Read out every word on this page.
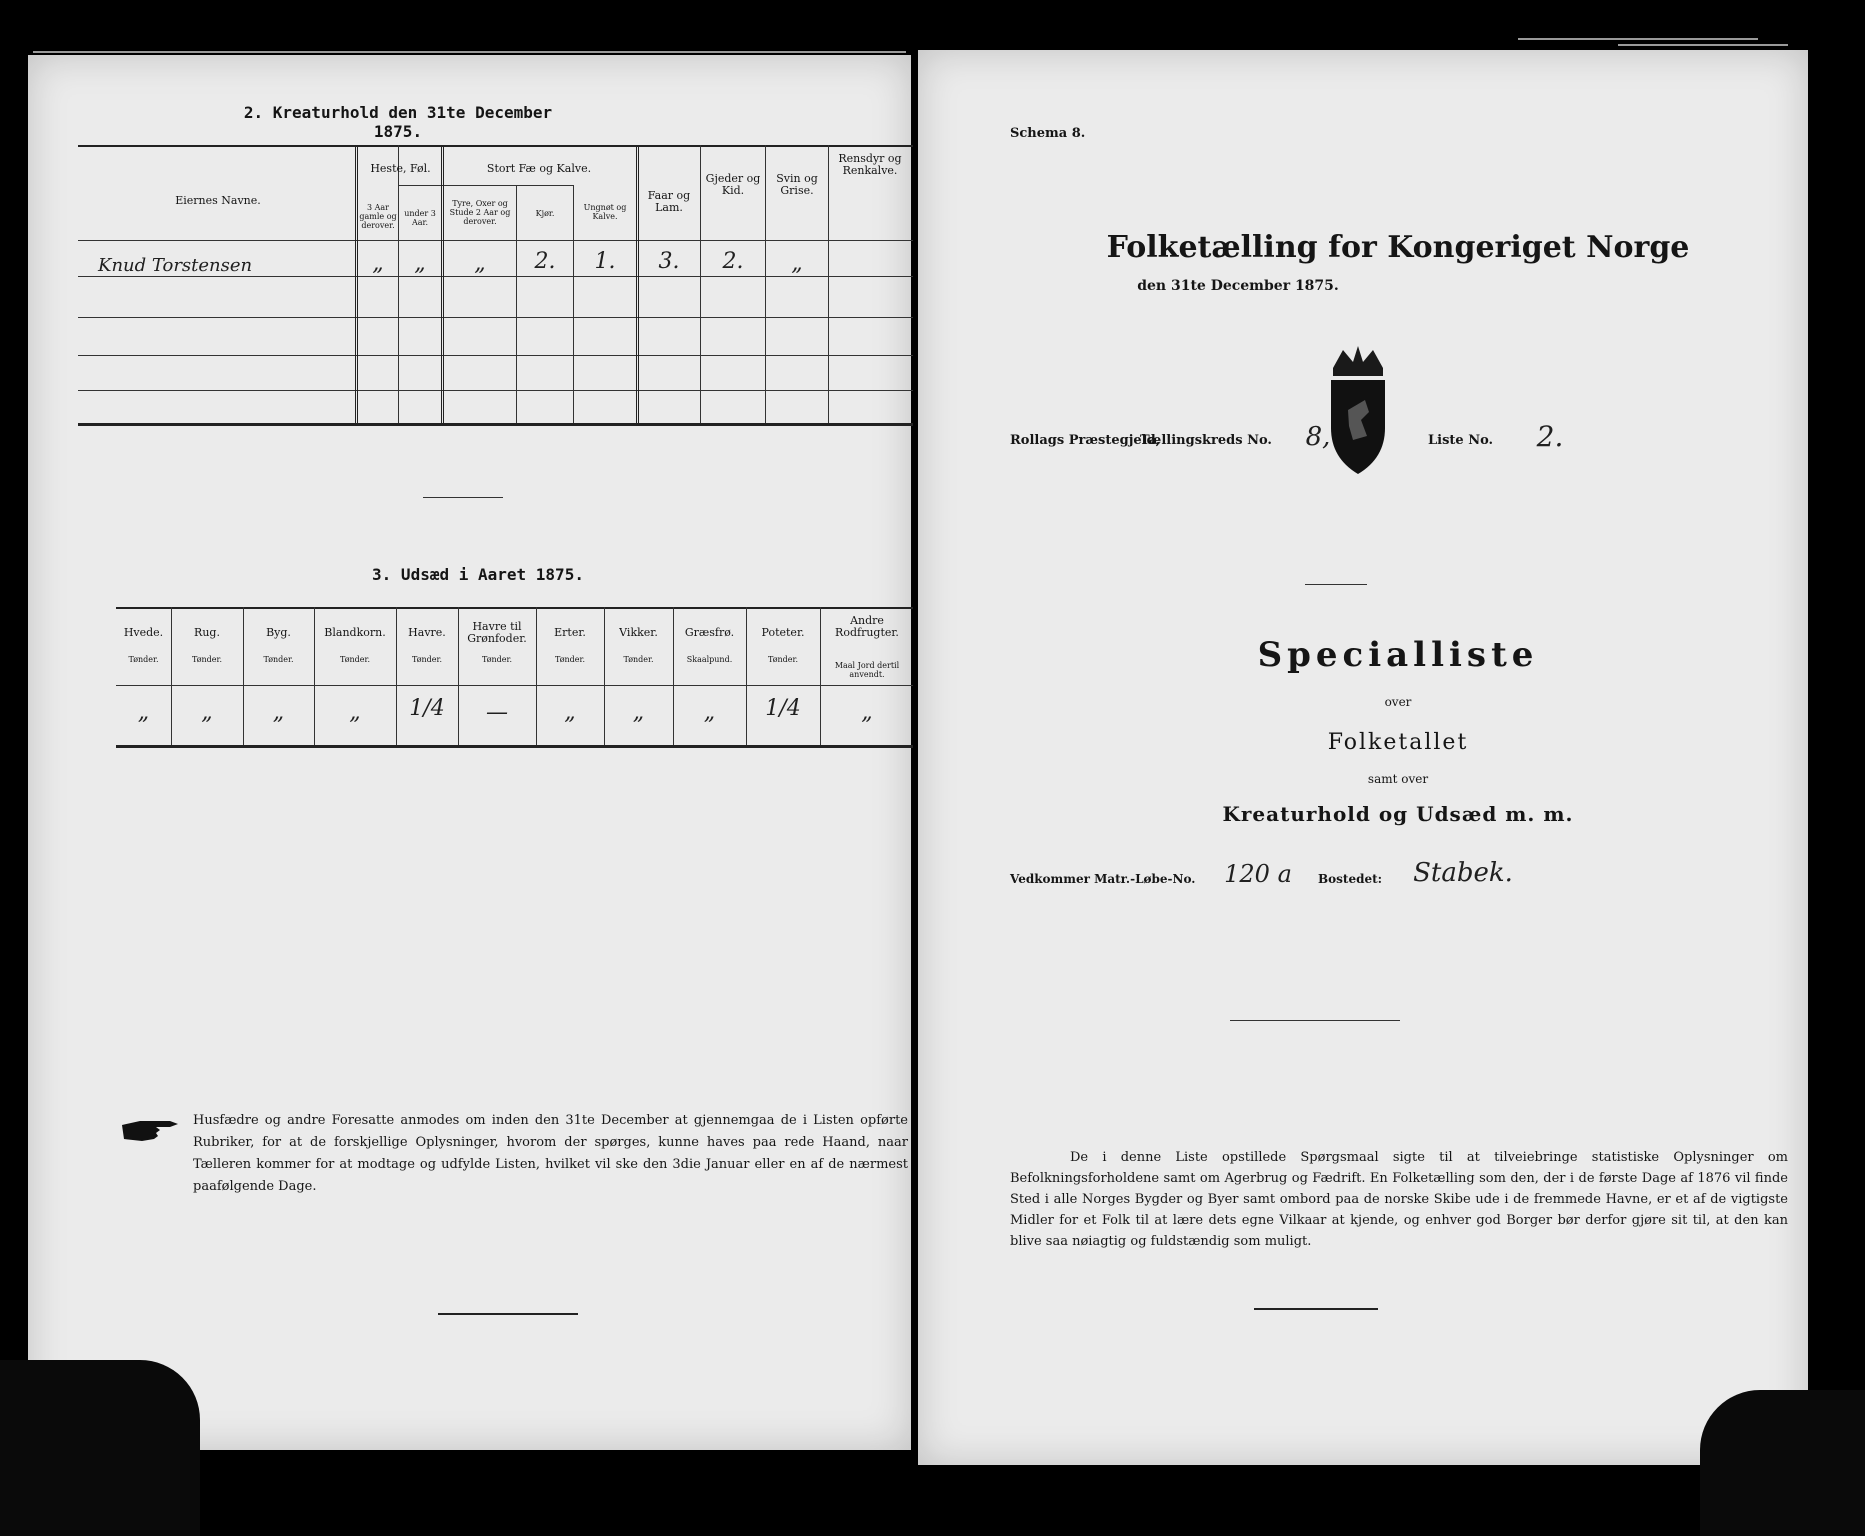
2. Kreaturhold den 31te December 1875.
Eiernes Navne.
Heste, Føl.	Stort Fæ og Kalve.
3 Aar gamle og derover.
under 3 Aar.
Tyre, Oxer og Stude 2 Aar og derover.
Kjør.
Ungnøt og Kalve.
Faar og Lam.
Gjeder og Kid.
Svin og Grise.
Rensdyr og Renkalve.
Knud Torstensen	„	„	„	2.	1.	3.	2.	„
3. Udsæd i Aaret 1875.
Hvede.
Tønder.
Rug.
Tønder.
Byg.
Tønder.
Blandkorn.
Tønder.
Havre.
Tønder.
Havre til Grønfoder.
Tønder.
Erter.
Tønder.
Vikker.
Tønder.
Græsfrø.
Skaalpund.
Poteter.
Tønder.
Andre Rodfrugter.
Maal Jord dertil anvendt.
„	„	„	„	1/4	—	„	„	„	1/4	„
Husfædre og andre Foresatte anmodes om inden den 31te December at gjennemgaa de i Listen opførte Rubriker, for at de forskjellige Oplysninger, hvorom der spørges, kunne haves paa rede Haand, naar Tælleren kommer for at modtage og udfylde Listen, hvilket vil ske den 3die Januar eller en af de nærmest paafølgende Dage.
Schema 8.
Folketælling for Kongeriget Norge
den 31te December 1875.
Rollags Præstegjeld,
Tællingskreds No. 8,	Liste No. 2.
Specialliste
over
Folketallet
samt over
Kreaturhold og Udsæd m. m.
Vedkommer Matr.-Løbe-No. 120 a	Bostedet: Stabek.
De i denne Liste opstillede Spørgsmaal sigte til at tilveiebringe statistiske Oplysninger om Befolkningsforholdene samt om Agerbrug og Fædrift. En Folketælling som den, der i de første Dage af 1876 vil finde Sted i alle Norges Bygder og Byer samt ombord paa de norske Skibe ude i de fremmede Havne, er et af de vigtigste Midler for et Folk til at lære dets egne Vilkaar at kjende, og enhver god Borger bør derfor gjøre sit til, at den kan blive saa nøiagtig og fuldstændig som muligt.
